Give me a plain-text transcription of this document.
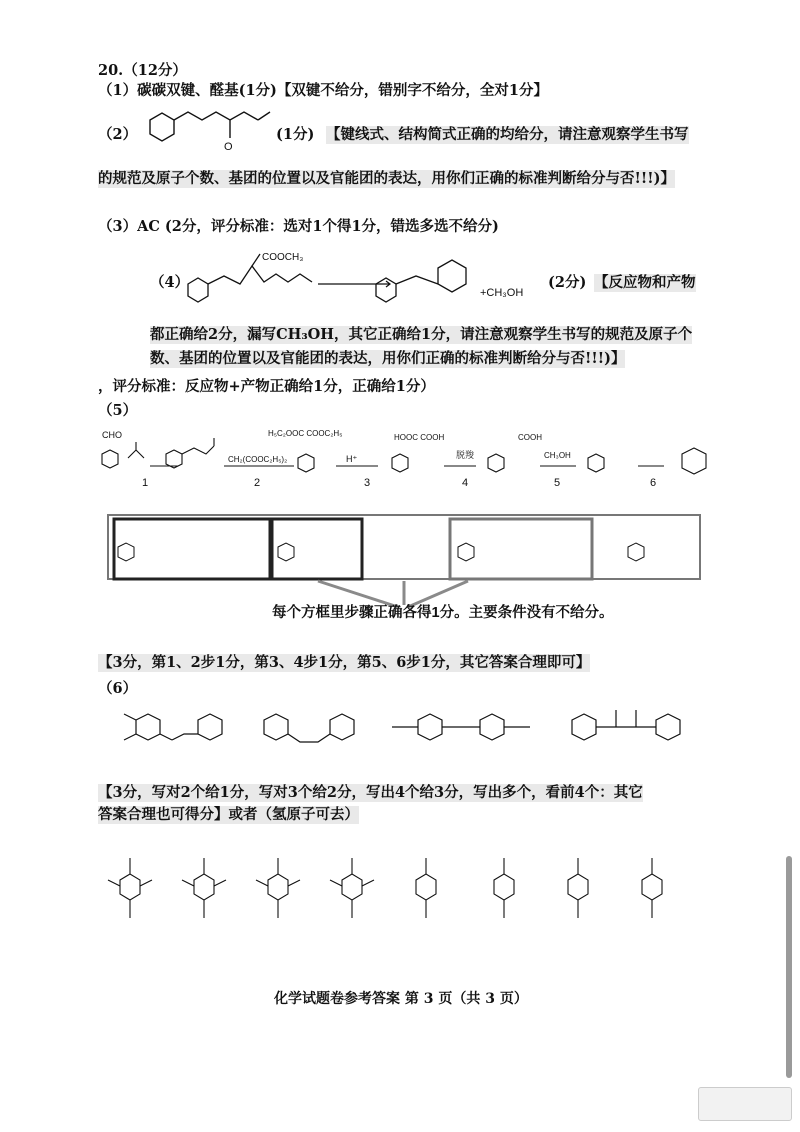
20.（12分）
（1）碳碳双键、醛基(1分)【双键不给分，错别字不给分，全对1分】
（2）
O
(1分) 【键线式、结构简式正确的均给分，请注意观察学生书写
的规范及原子个数、基团的位置以及官能团的表达，用你们正确的标准判断给分与否!!!)】
（3）AC (2分，评分标准：选对1个得1分，错选多选不给分)
（4）
COOCH₃
+CH₃OH
(2分) 【反应物和产物
都正确给2分，漏写CH₃OH，其它正确给1分，请注意观察学生书写的规范及原子个
数、基团的位置以及官能团的表达，用你们正确的标准判断给分与否!!!)】
，评分标准：反应物+产物正确给1分，正确给1分）
（5）
CHO
1
CH₂(COOC₂H₅)₂
2
H₅C₂OOC COOC₂H₅
H⁺
3
HOOC COOH
脱羧
4
COOH
CH₃OH
5	6
每个方框里步骤正确各得1分。主要条件没有不给分。
【3分，第1、2步1分，第3、4步1分，第5、6步1分，其它答案合理即可】
（6）
【3分，写对2个给1分，写对3个给2分，写出4个给3分，写出多个，看前4个：其它
答案合理也可得分】或者（氢原子可去）
化学试题卷参考答案 第 3 页（共 3 页）
